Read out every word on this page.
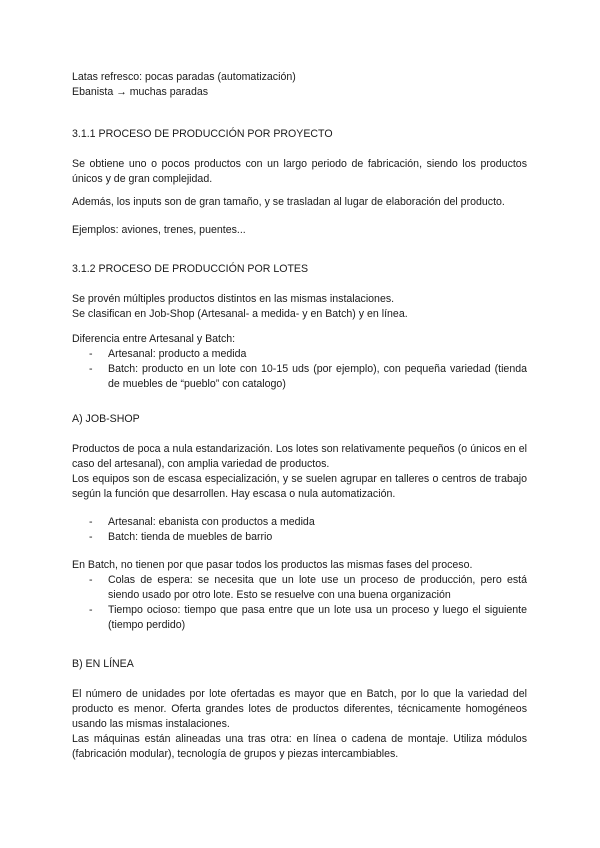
Latas refresco: pocas paradas (automatización)

Ebanista → muchas paradas

3.1.1 PROCESO DE PRODUCCIÓN POR PROYECTO

Se obtiene uno o pocos productos con un largo periodo de fabricación, siendo los productos únicos y de gran complejidad.

Además, los inputs son de gran tamaño, y se trasladan al lugar de elaboración del producto.

Ejemplos: aviones, trenes, puentes...

3.1.2 PROCESO DE PRODUCCIÓN POR LOTES

Se provén múltiples productos distintos en las mismas instalaciones.

Se clasifican en Job-Shop (Artesanal- a medida- y en Batch) y en línea.

Diferencia entre Artesanal y Batch:

- Artesanal: producto a medida
- Batch: producto en un lote con 10-15 uds (por ejemplo), con pequeña variedad (tienda de muebles de “pueblo” con catalogo)
A) JOB-SHOP

Productos de poca a nula estandarización. Los lotes son relativamente pequeños (o únicos en el caso del artesanal), con amplia variedad de productos.

Los equipos son de escasa especialización, y se suelen agrupar en talleres o centros de trabajo según la función que desarrollen. Hay escasa o nula automatización.

- Artesanal: ebanista con productos a medida
- Batch: tienda de muebles de barrio

En Batch, no tienen por que pasar todos los productos las mismas fases del proceso.

- Colas de espera: se necesita que un lote use un proceso de producción, pero está siendo usado por otro lote. Esto se resuelve con una buena organización
- Tiempo ocioso: tiempo que pasa entre que un lote usa un proceso y luego el siguiente (tiempo perdido)
B) EN LÍNEA

El número de unidades por lote ofertadas es mayor que en Batch, por lo que la variedad del producto es menor. Oferta grandes lotes de productos diferentes, técnicamente homogéneos usando las mismas instalaciones.

Las máquinas están alineadas una tras otra: en línea o cadena de montaje. Utiliza módulos (fabricación modular), tecnología de grupos y piezas intercambiables.
